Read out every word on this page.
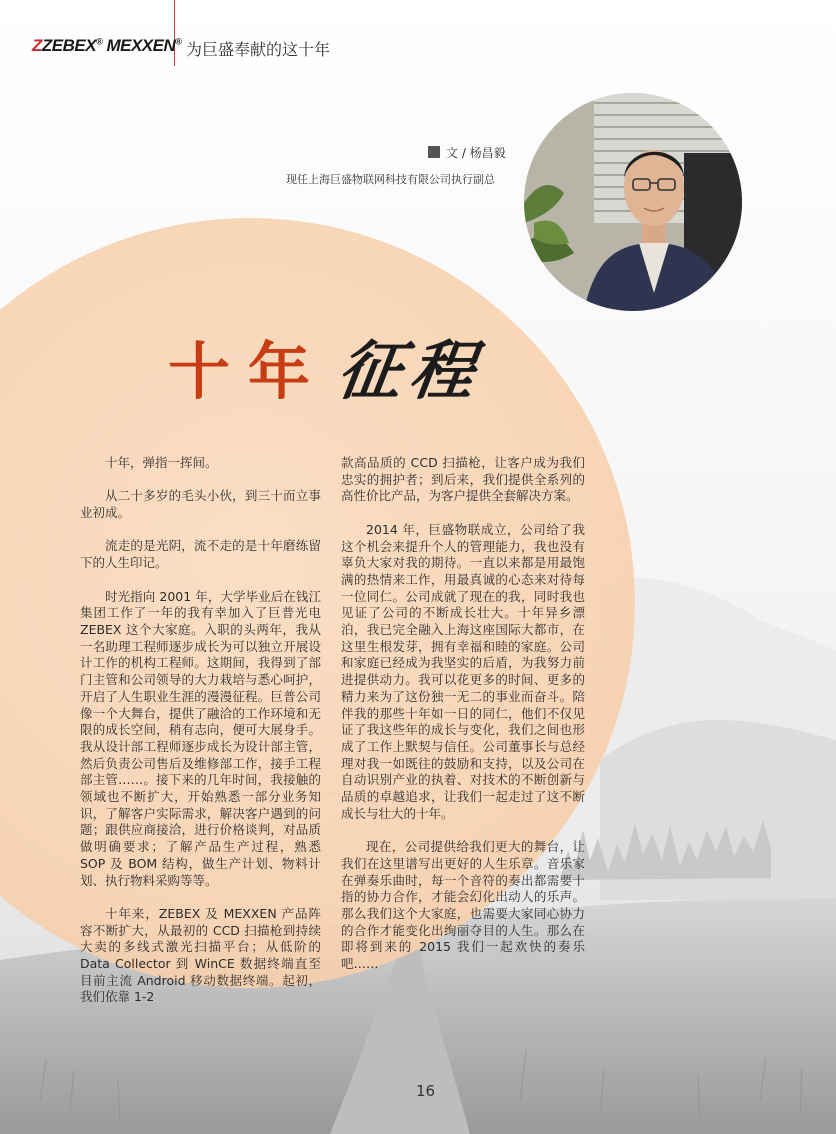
ZZEBEX® MEXXEN® 为巨盛奉献的这十年
文 / 杨昌毅
现任上海巨盛物联网科技有限公司执行副总
十年征程

十年，弹指一挥间。

从二十多岁的毛头小伙，到三十而立事业初成。

流走的是光阴，流不走的是十年磨练留下的人生印记。

时光指向 2001 年，大学毕业后在钱江集团工作了一年的我有幸加入了巨普光电 ZEBEX 这个大家庭。入职的头两年，我从一名助理工程师逐步成长为可以独立开展设计工作的机构工程师。这期间，我得到了部门主管和公司领导的大力栽培与悉心呵护，开启了人生职业生涯的漫漫征程。巨普公司像一个大舞台，提供了融洽的工作环境和无限的成长空间，稍有志向，便可大展身手。我从设计部工程师逐步成长为设计部主管，然后负责公司售后及维修部工作，接手工程部主管……。接下来的几年时间，我接触的领域也不断扩大，开始熟悉一部分业务知识，了解客户实际需求，解决客户遇到的问题；跟供应商接洽，进行价格谈判，对品质做明确要求；了解产品生产过程，熟悉 SOP 及 BOM 结构，做生产计划、物料计划、执行物料采购等等。

十年来，ZEBEX 及 MEXXEN 产品阵容不断扩大，从最初的 CCD 扫描枪到持续大卖的多线式激光扫描平台；从低阶的 Data Collector 到 WinCE 数据终端直至目前主流 Android 移动数据终端。起初，我们依靠 1-2

款高品质的 CCD 扫描枪，让客户成为我们忠实的拥护者；到后来，我们提供全系列的高性价比产品，为客户提供全套解决方案。

2014 年，巨盛物联成立，公司给了我这个机会来提升个人的管理能力，我也没有辜负大家对我的期待。一直以来都是用最饱满的热情来工作，用最真诚的心态来对待每一位同仁。公司成就了现在的我，同时我也见证了公司的不断成长壮大。十年异乡漂泊，我已完全融入上海这座国际大都市，在这里生根发芽，拥有幸福和睦的家庭。公司和家庭已经成为我坚实的后盾，为我努力前进提供动力。我可以花更多的时间、更多的精力来为了这份独一无二的事业而奋斗。陪伴我的那些十年如一日的同仁，他们不仅见证了我这些年的成长与变化，我们之间也形成了工作上默契与信任。公司董事长与总经理对我一如既往的鼓励和支持，以及公司在自动识别产业的执着、对技术的不断创新与品质的卓越追求，让我们一起走过了这不断成长与壮大的十年。

现在，公司提供给我们更大的舞台，让我们在这里谱写出更好的人生乐章。音乐家在弹奏乐曲时，每一个音符的奏出都需要十指的协力合作，才能会幻化出动人的乐声。那么我们这个大家庭，也需要大家同心协力的合作才能变化出绚丽夺目的人生。那么在即将到来的 2015 我们一起欢快的奏乐吧……

16
